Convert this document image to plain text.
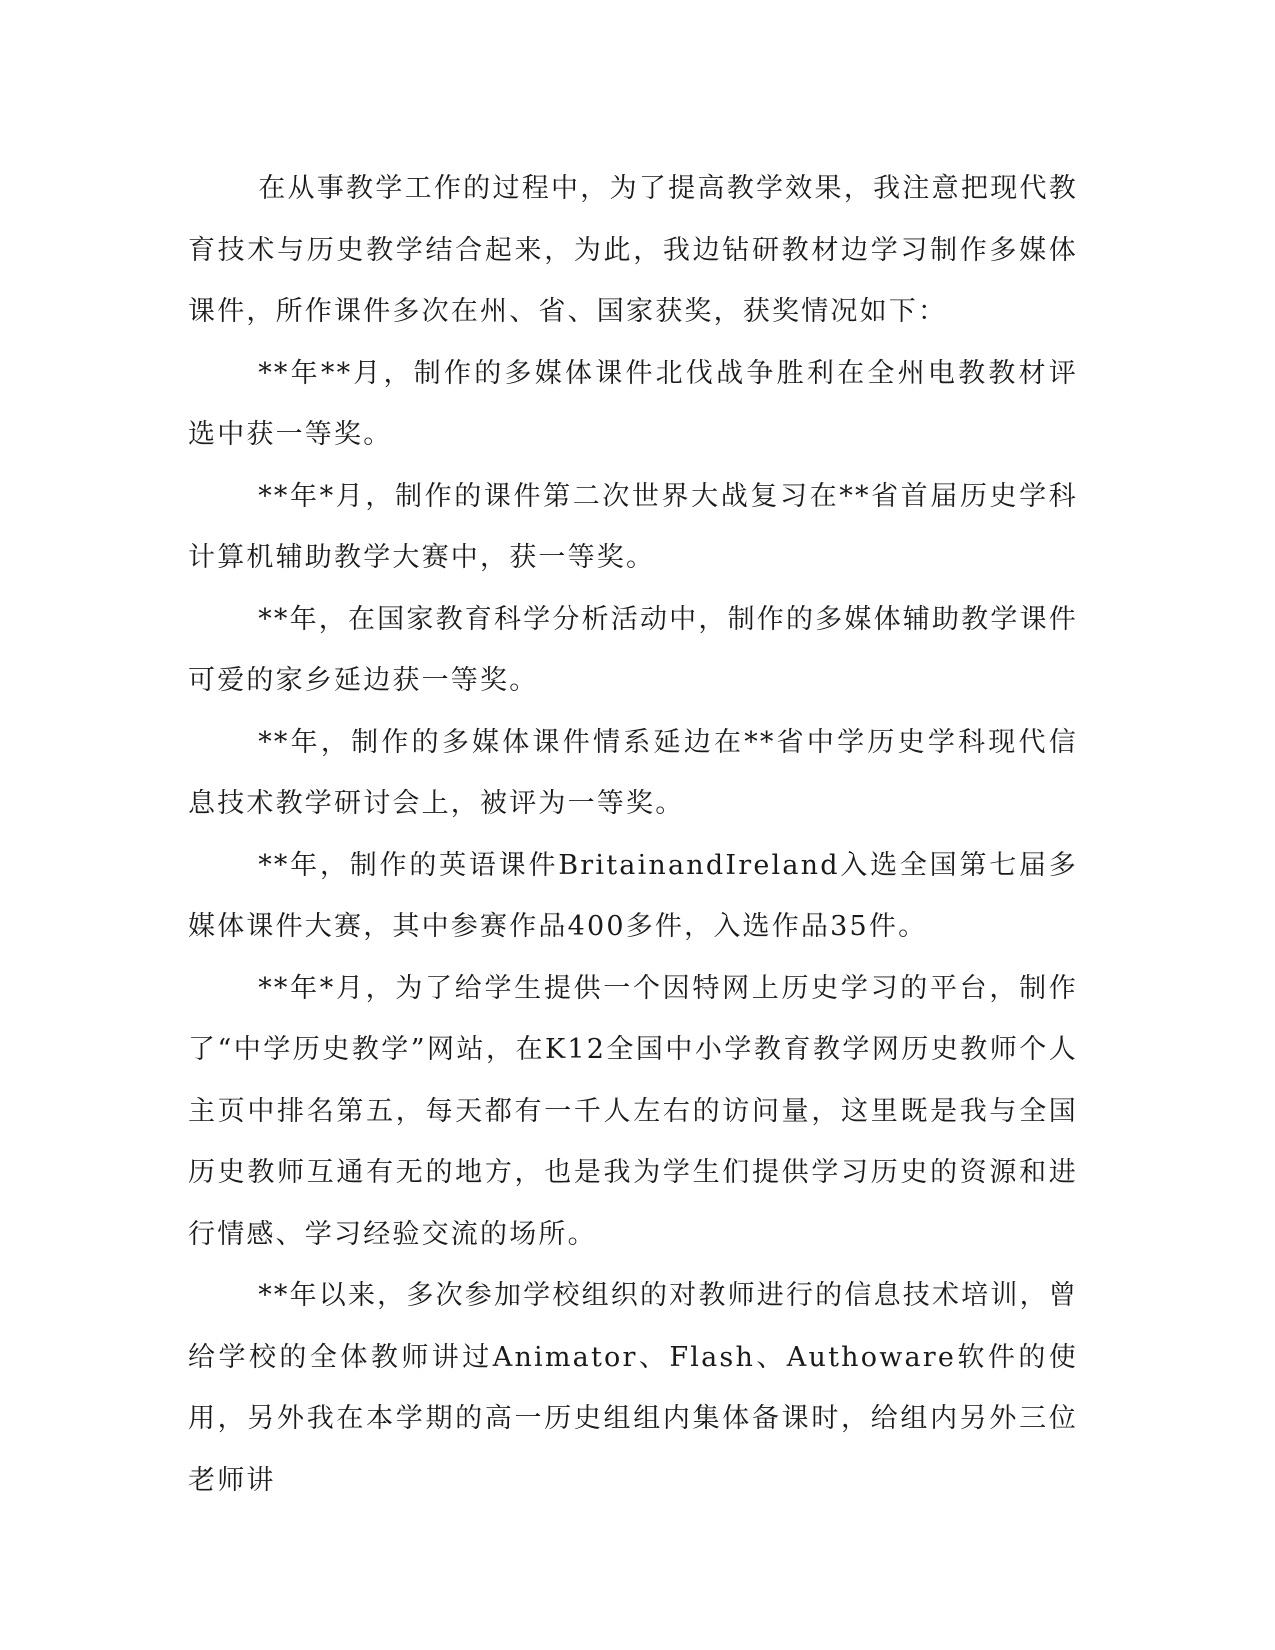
在从事教学工作的过程中，为了提高教学效果，我注意把现代教育技术与历史教学结合起来，为此，我边钻研教材边学习制作多媒体课件，所作课件多次在州、省、国家获奖，获奖情况如下：

**年**月，制作的多媒体课件北伐战争胜利在全州电教教材评选中获一等奖。

**年*月，制作的课件第二次世界大战复习在**省首届历史学科计算机辅助教学大赛中，获一等奖。

**年，在国家教育科学分析活动中，制作的多媒体辅助教学课件可爱的家乡延边获一等奖。

**年，制作的多媒体课件情系延边在**省中学历史学科现代信息技术教学研讨会上，被评为一等奖。

**年，制作的英语课件BritainandIreland入选全国第七届多媒体课件大赛，其中参赛作品400多件，入选作品35件。

**年*月，为了给学生提供一个因特网上历史学习的平台，制作了“中学历史教学”网站，在K12全国中小学教育教学网历史教师个人主页中排名第五，每天都有一千人左右的访问量，这里既是我与全国历史教师互通有无的地方，也是我为学生们提供学习历史的资源和进行情感、学习经验交流的场所。

**年以来，多次参加学校组织的对教师进行的信息技术培训，曾给学校的全体教师讲过Animator、Flash、Authoware软件的使用，另外我在本学期的高一历史组组内集体备课时，给组内另外三位老师讲
